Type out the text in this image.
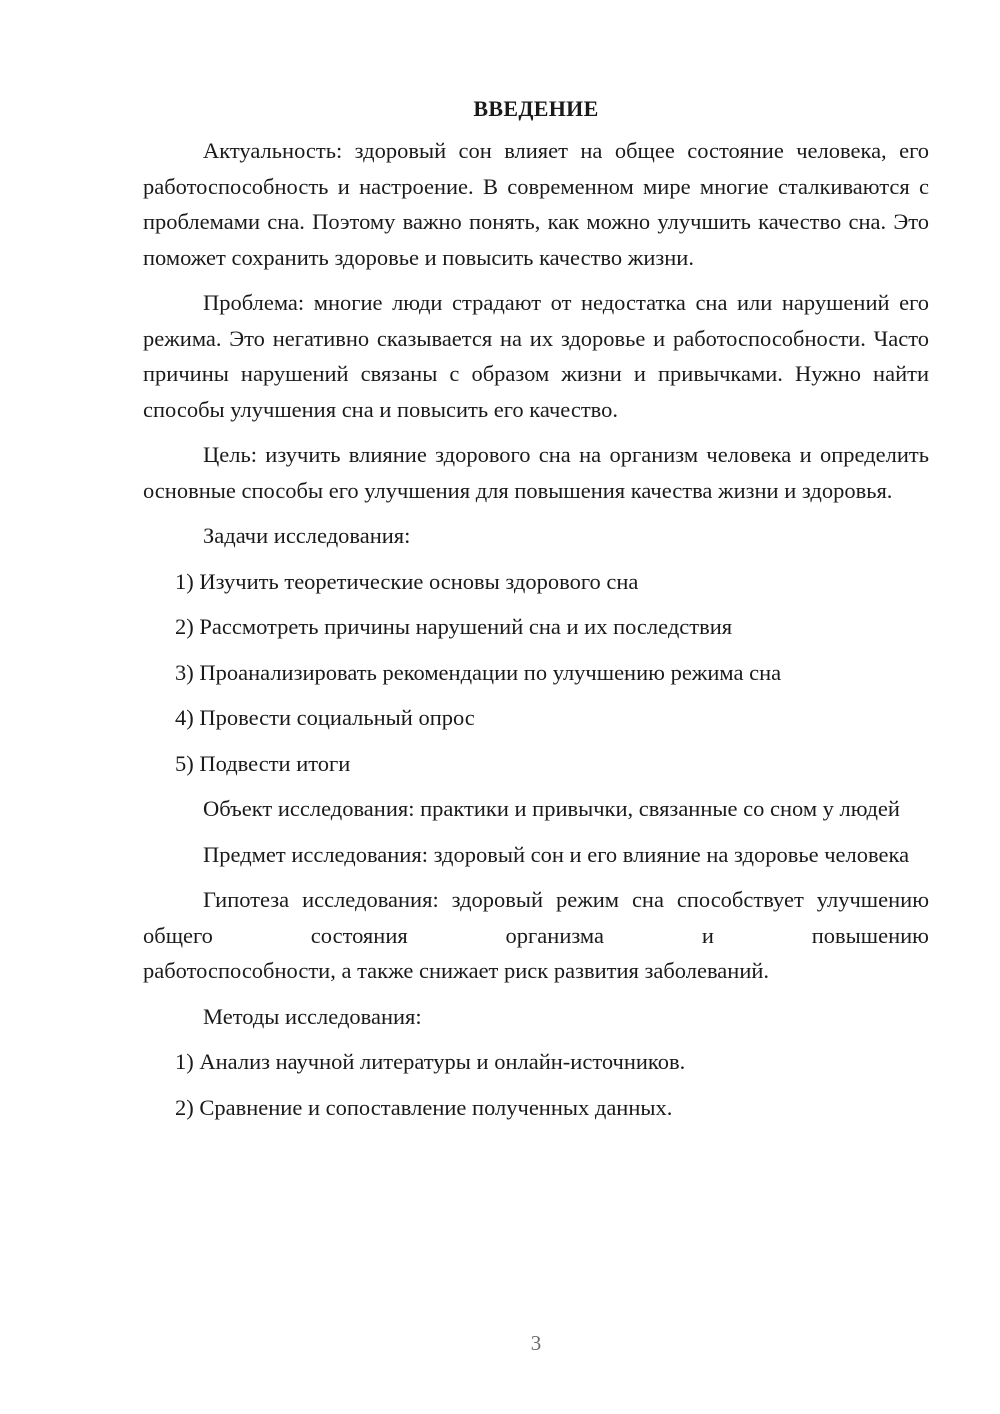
ВВЕДЕНИЕ

Актуальность: здоровый сон влияет на общее состояние человека, его работоспособность и настроение. В современном мире многие сталкиваются с проблемами сна. Поэтому важно понять, как можно улучшить качество сна. Это поможет сохранить здоровье и повысить качество жизни.

Проблема: многие люди страдают от недостатка сна или нарушений его режима. Это негативно сказывается на их здоровье и работоспособности. Часто причины нарушений связаны с образом жизни и привычками. Нужно найти способы улучшения сна и повысить его качество.

Цель: изучить влияние здорового сна на организм человека и определить основные способы его улучшения для повышения качества жизни и здоровья.

Задачи исследования:

1) Изучить теоретические основы здорового сна

2) Рассмотреть причины нарушений сна и их последствия

3) Проанализировать рекомендации по улучшению режима сна

4) Провести социальный опрос

5) Подвести итоги

Объект исследования: практики и привычки, связанные со сном у людей

Предмет исследования: здоровый сон и его влияние на здоровье человека

Гипотеза исследования: здоровый режим сна способствует улучшению общего состояния организма и повышению

работоспособности, а также снижает риск развития заболеваний.

Методы исследования:

1) Анализ научной литературы и онлайн-источников.

2) Сравнение и сопоставление полученных данных.

3
